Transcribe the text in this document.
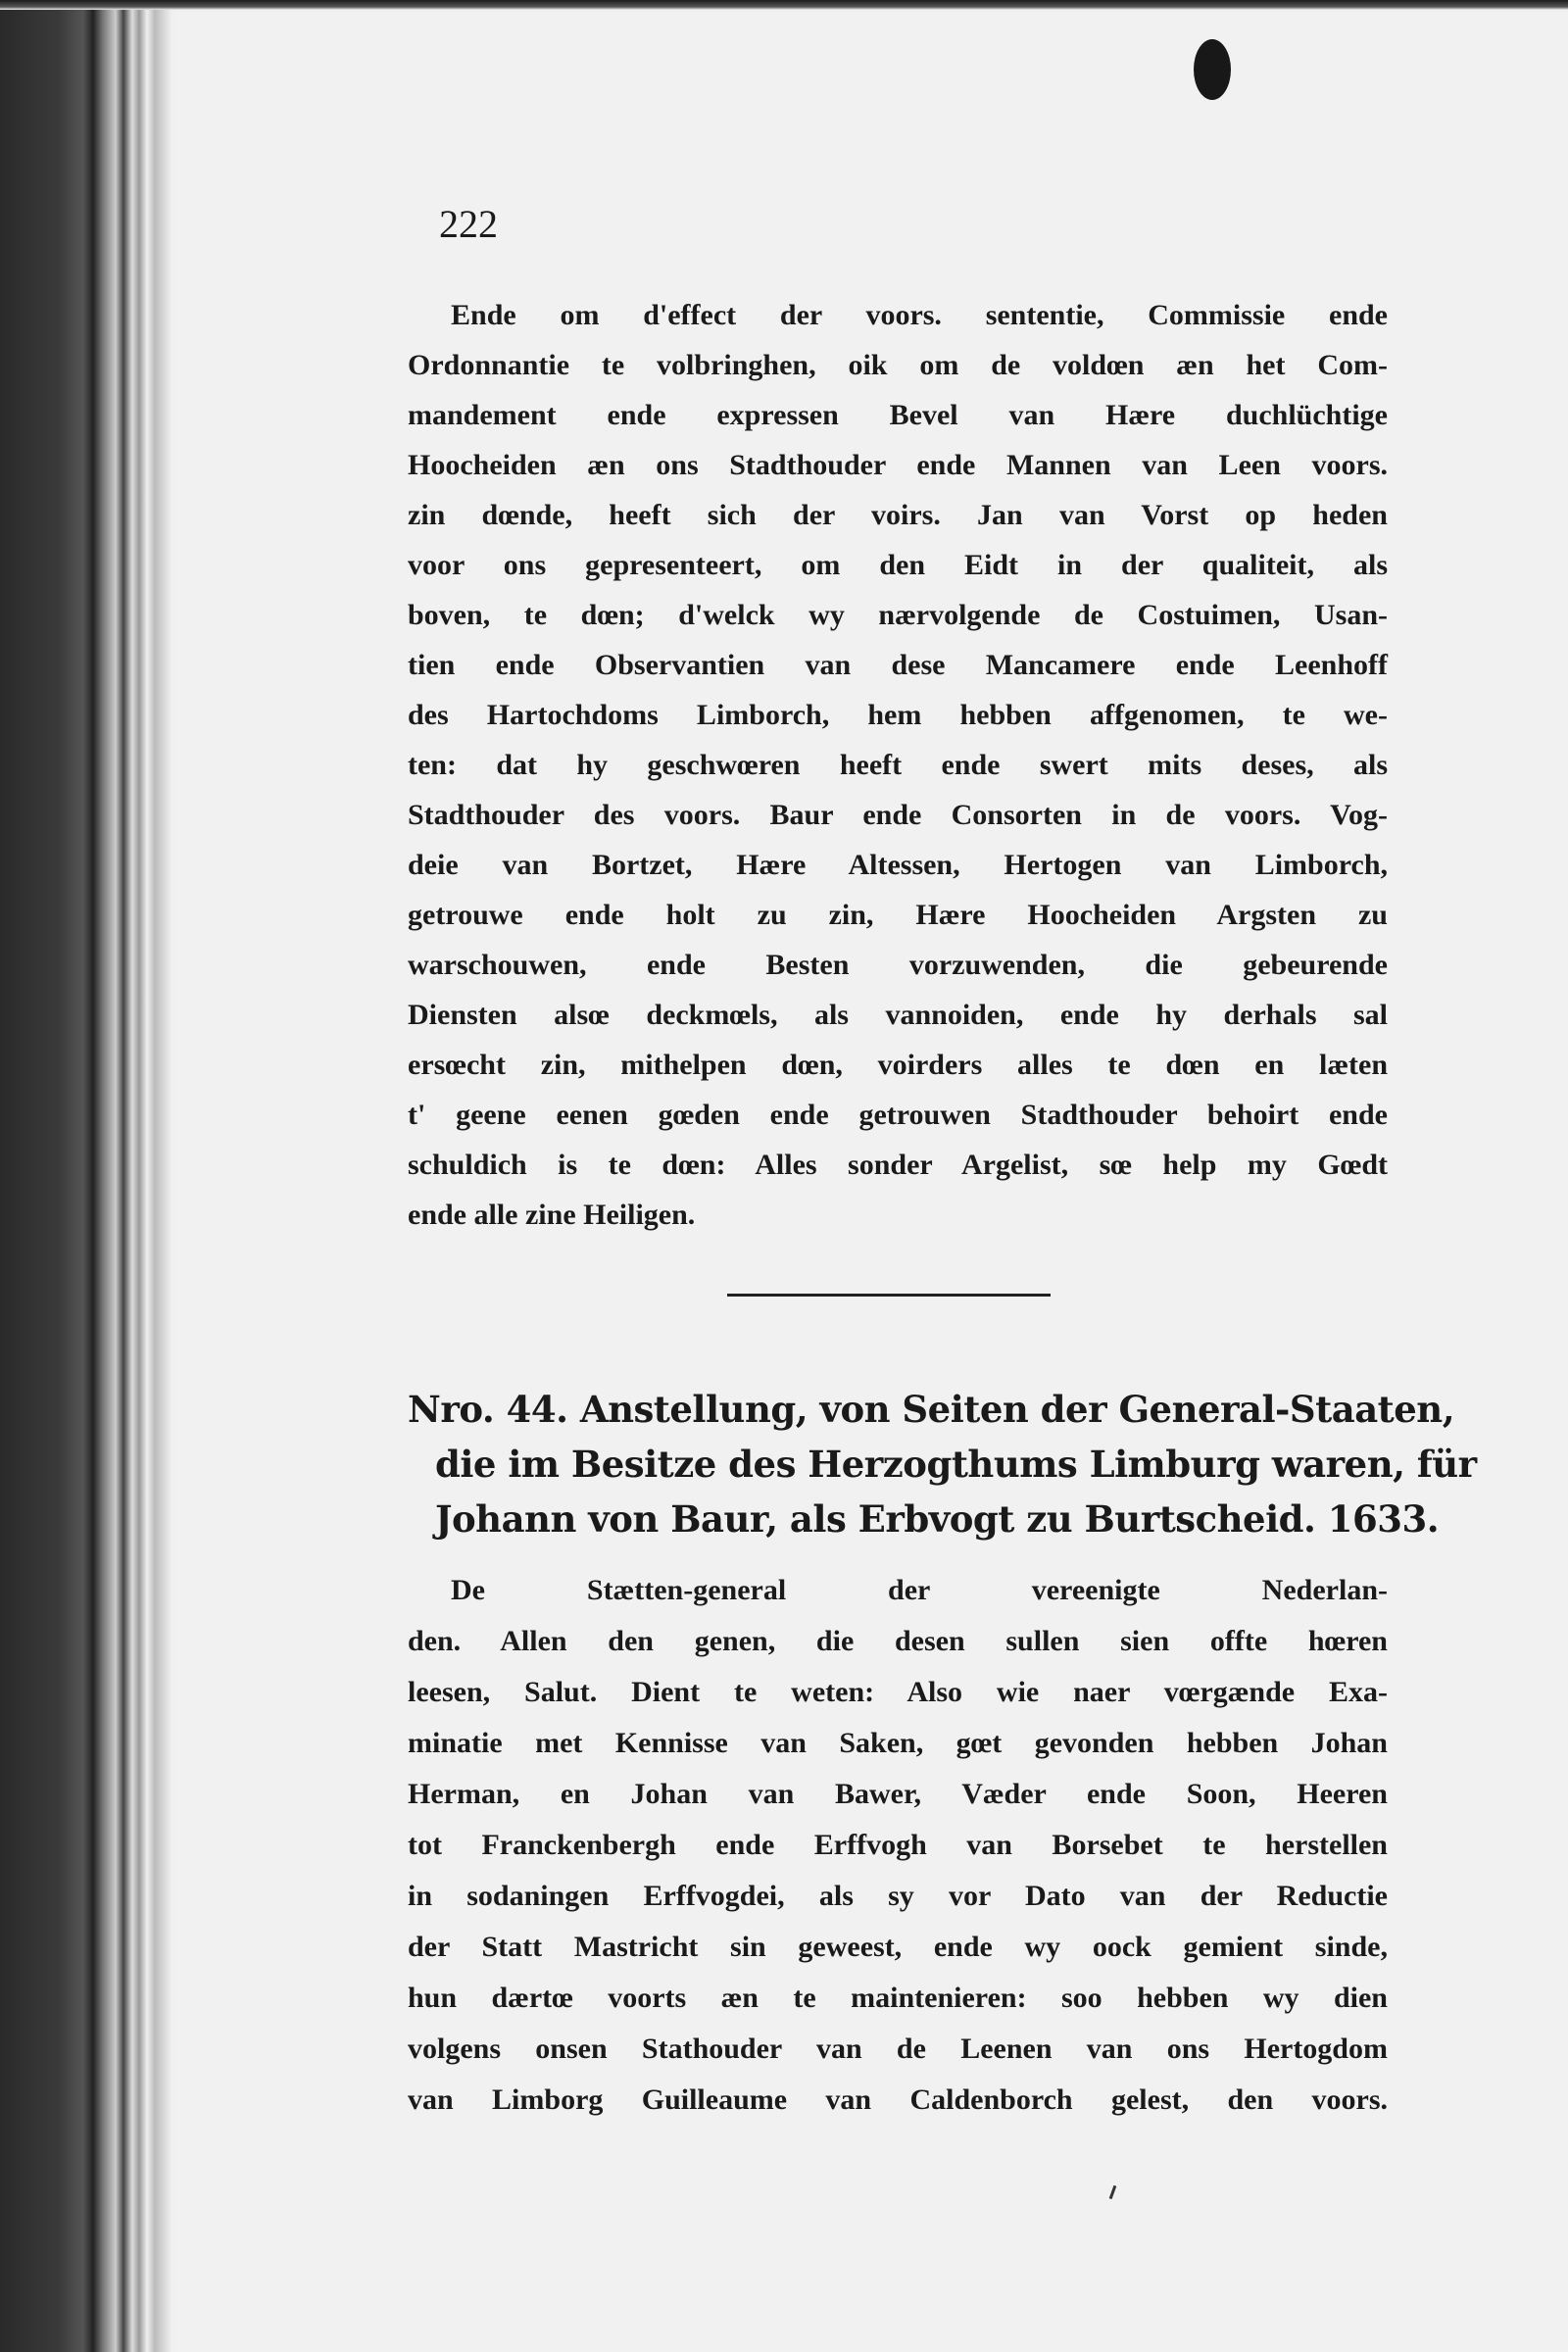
222
Ende om d'effect der voors. sententie, Commissie ende
Ordonnantie te volbringhen, oik om de voldœn æn het Com-
mandement ende expressen Bevel van Hære duchlüchtige
Hoocheiden æn ons Stadthouder ende Mannen van Leen voors.
zin dœnde, heeft sich der voirs. Jan van Vorst op heden
voor ons gepresenteert, om den Eidt in der qualiteit, als
boven, te dœn; d'welck wy nærvolgende de Costuimen, Usan-
tien ende Observantien van dese Mancamere ende Leenhoff
des Hartochdoms Limborch, hem hebben affgenomen, te we-
ten: dat hy geschwœren heeft ende swert mits deses, als
Stadthouder des voors. Baur ende Consorten in de voors. Vog-
deie van Bortzet, Hære Altessen, Hertogen van Limborch,
getrouwe ende holt zu zin, Hære Hoocheiden Argsten zu
warschouwen, ende Besten vorzuwenden, die gebeurende
Diensten alsœ deckmœls, als vannoiden, ende hy derhals sal
ersœcht zin, mithelpen dœn, voirders alles te dœn en læten
t' geene eenen gœden ende getrouwen Stadthouder behoirt ende
schuldich is te dœn: Alles sonder Argelist, sœ help my Gœdt
ende alle zine Heiligen.
Nro. 44. Anstellung, von Seiten der General-Staaten,
die im Besitze des Herzogthums Limburg waren, für
Johann von Baur, als Erbvogt zu Burtscheid. 1633.
De Stætten-general der vereenigte Nederlan-
den. Allen den genen, die desen sullen sien offte hœren
leesen, Salut. Dient te weten: Also wie naer vœrgænde Exa-
minatie met Kennisse van Saken, gœt gevonden hebben Johan
Herman, en Johan van Bawer, Væder ende Soon, Heeren
tot Franckenbergh ende Erffvogh van Borsebet te herstellen
in sodaningen Erffvogdei, als sy vor Dato van der Reductie
der Statt Mastricht sin geweest, ende wy oock gemient sinde,
hun dærtœ voorts æn te maintenieren: soo hebben wy dien
volgens onsen Stathouder van de Leenen van ons Hertogdom
van Limborg Guilleaume van Caldenborch gelest, den voors.
